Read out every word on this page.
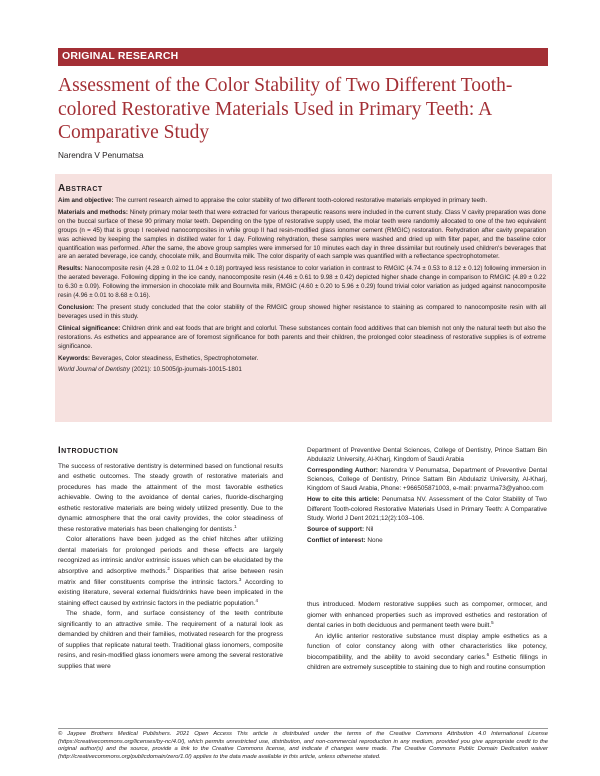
ORIGINAL RESEARCH
Assessment of the Color Stability of Two Different Tooth-colored Restorative Materials Used in Primary Teeth: A Comparative Study
Narendra V Penumatsa
Abstract

Aim and objective: The current research aimed to appraise the color stability of two different tooth-colored restorative materials employed in primary teeth.

Materials and methods: Ninety primary molar teeth that were extracted for various therapeutic reasons were included in the current study. Class V cavity preparation was done on the buccal surface of these 90 primary molar teeth. Depending on the type of restorative supply used, the molar teeth were randomly allocated to one of the two equivalent groups (n = 45) that is group I received nanocomposites in while group II had resin-modified glass ionomer cement (RMGIC) restoration. Rehydration after cavity preparation was achieved by keeping the samples in distilled water for 1 day. Following rehydration, these samples were washed and dried up with filter paper, and the baseline color quantification was performed. After the same, the above group samples were immersed for 10 minutes each day in three dissimilar but routinely used children's beverages that are an aerated beverage, ice candy, chocolate milk, and Bournvita milk. The color disparity of each sample was quantified with a reflectance spectrophotometer.

Results: Nanocomposite resin (4.28 ± 0.02 to 11.04 ± 0.18) portrayed less resistance to color variation in contrast to RMGIC (4.74 ± 0.53 to 8.12 ± 0.12) following immersion in the aerated beverage. Following dipping in the ice candy, nanocomposite resin (4.46 ± 0.61 to 9.98 ± 0.42) depicted higher shade change in comparison to RMGIC (4.89 ± 0.22 to 6.30 ± 0.09). Following the immersion in chocolate milk and Bournvita milk, RMGIC (4.60 ± 0.20 to 5.96 ± 0.29) found trivial color variation as judged against nanocomposite resin (4.96 ± 0.01 to 8.68 ± 0.16).

Conclusion: The present study concluded that the color stability of the RMGIC group showed higher resistance to staining as compared to nanocomposite resin with all beverages used in this study.

Clinical significance: Children drink and eat foods that are bright and colorful. These substances contain food additives that can blemish not only the natural teeth but also the restorations. As esthetics and appearance are of foremost significance for both parents and their children, the prolonged color steadiness of restorative supplies is of extreme significance.

Keywords: Beverages, Color steadiness, Esthetics, Spectrophotometer.

World Journal of Dentistry (2021): 10.5005/jp-journals-10015-1801

Introduction

The success of restorative dentistry is determined based on functional results and esthetic outcomes. The steady growth of restorative materials and procedures has made the attainment of the most favorable esthetics achievable. Owing to the avoidance of dental caries, fluoride-discharging esthetic restorative materials are being widely utilized presently. Due to the dynamic atmosphere that the oral cavity provides, the color steadiness of these restorative materials has been challenging for dentists.$^1$

Color alterations have been judged as the chief hitches after utilizing dental materials for prolonged periods and these effects are largely recognized as intrinsic and/or extrinsic issues which can be elucidated by the absorptive and adsorptive methods.$^2$ Disparities that arise between resin matrix and filler constituents comprise the intrinsic factors.$^3$ According to existing literature, several external fluids/drinks have been implicated in the staining effect caused by extrinsic factors in the pediatric population.$^4$

The shade, form, and surface consistency of the teeth contribute significantly to an attractive smile. The requirement of a natural look as demanded by children and their families, motivated research for the progress of supplies that replicate natural teeth. Traditional glass ionomers, composite resins, and resin-modified glass ionomers were among the several restorative supplies that were

Department of Preventive Dental Sciences, College of Dentistry, Prince Sattam Bin Abdulaziz University, Al-Kharj, Kingdom of Saudi Arabia

Corresponding Author: Narendra V Penumatsa, Department of Preventive Dental Sciences, College of Dentistry, Prince Sattam Bin Abdulaziz University, Al-Kharj, Kingdom of Saudi Arabia, Phone: +966505871003, e-mail: pnvarma73@yahoo.com

How to cite this article: Penumatsa NV. Assessment of the Color Stability of Two Different Tooth-colored Restorative Materials Used in Primary Teeth: A Comparative Study. World J Dent 2021;12(2):103–106.

Source of support: Nil

Conflict of interest: None

thus introduced. Modern restorative supplies such as compomer, ormocer, and giomer with enhanced properties such as improved esthetics and restoration of dental caries in both deciduous and permanent teeth were built.$^5$

An idyllic anterior restorative substance must display ample esthetics as a function of color constancy along with other characteristics like potency, biocompatibility, and the ability to avoid secondary caries.$^6$ Esthetic fillings in children are extremely susceptible to staining due to high and routine consumption

© Jaypee Brothers Medical Publishers. 2021 Open Access This article is distributed under the terms of the Creative Commons Attribution 4.0 International License (https://creativecommons.org/licenses/by-nc/4.0/), which permits unrestricted use, distribution, and non-commercial reproduction in any medium, provided you give appropriate credit to the original author(s) and the source, provide a link to the Creative Commons license, and indicate if changes were made. The Creative Commons Public Domain Dedication waiver (http://creativecommons.org/publicdomain/zero/1.0/) applies to the data made available in this article, unless otherwise stated.
